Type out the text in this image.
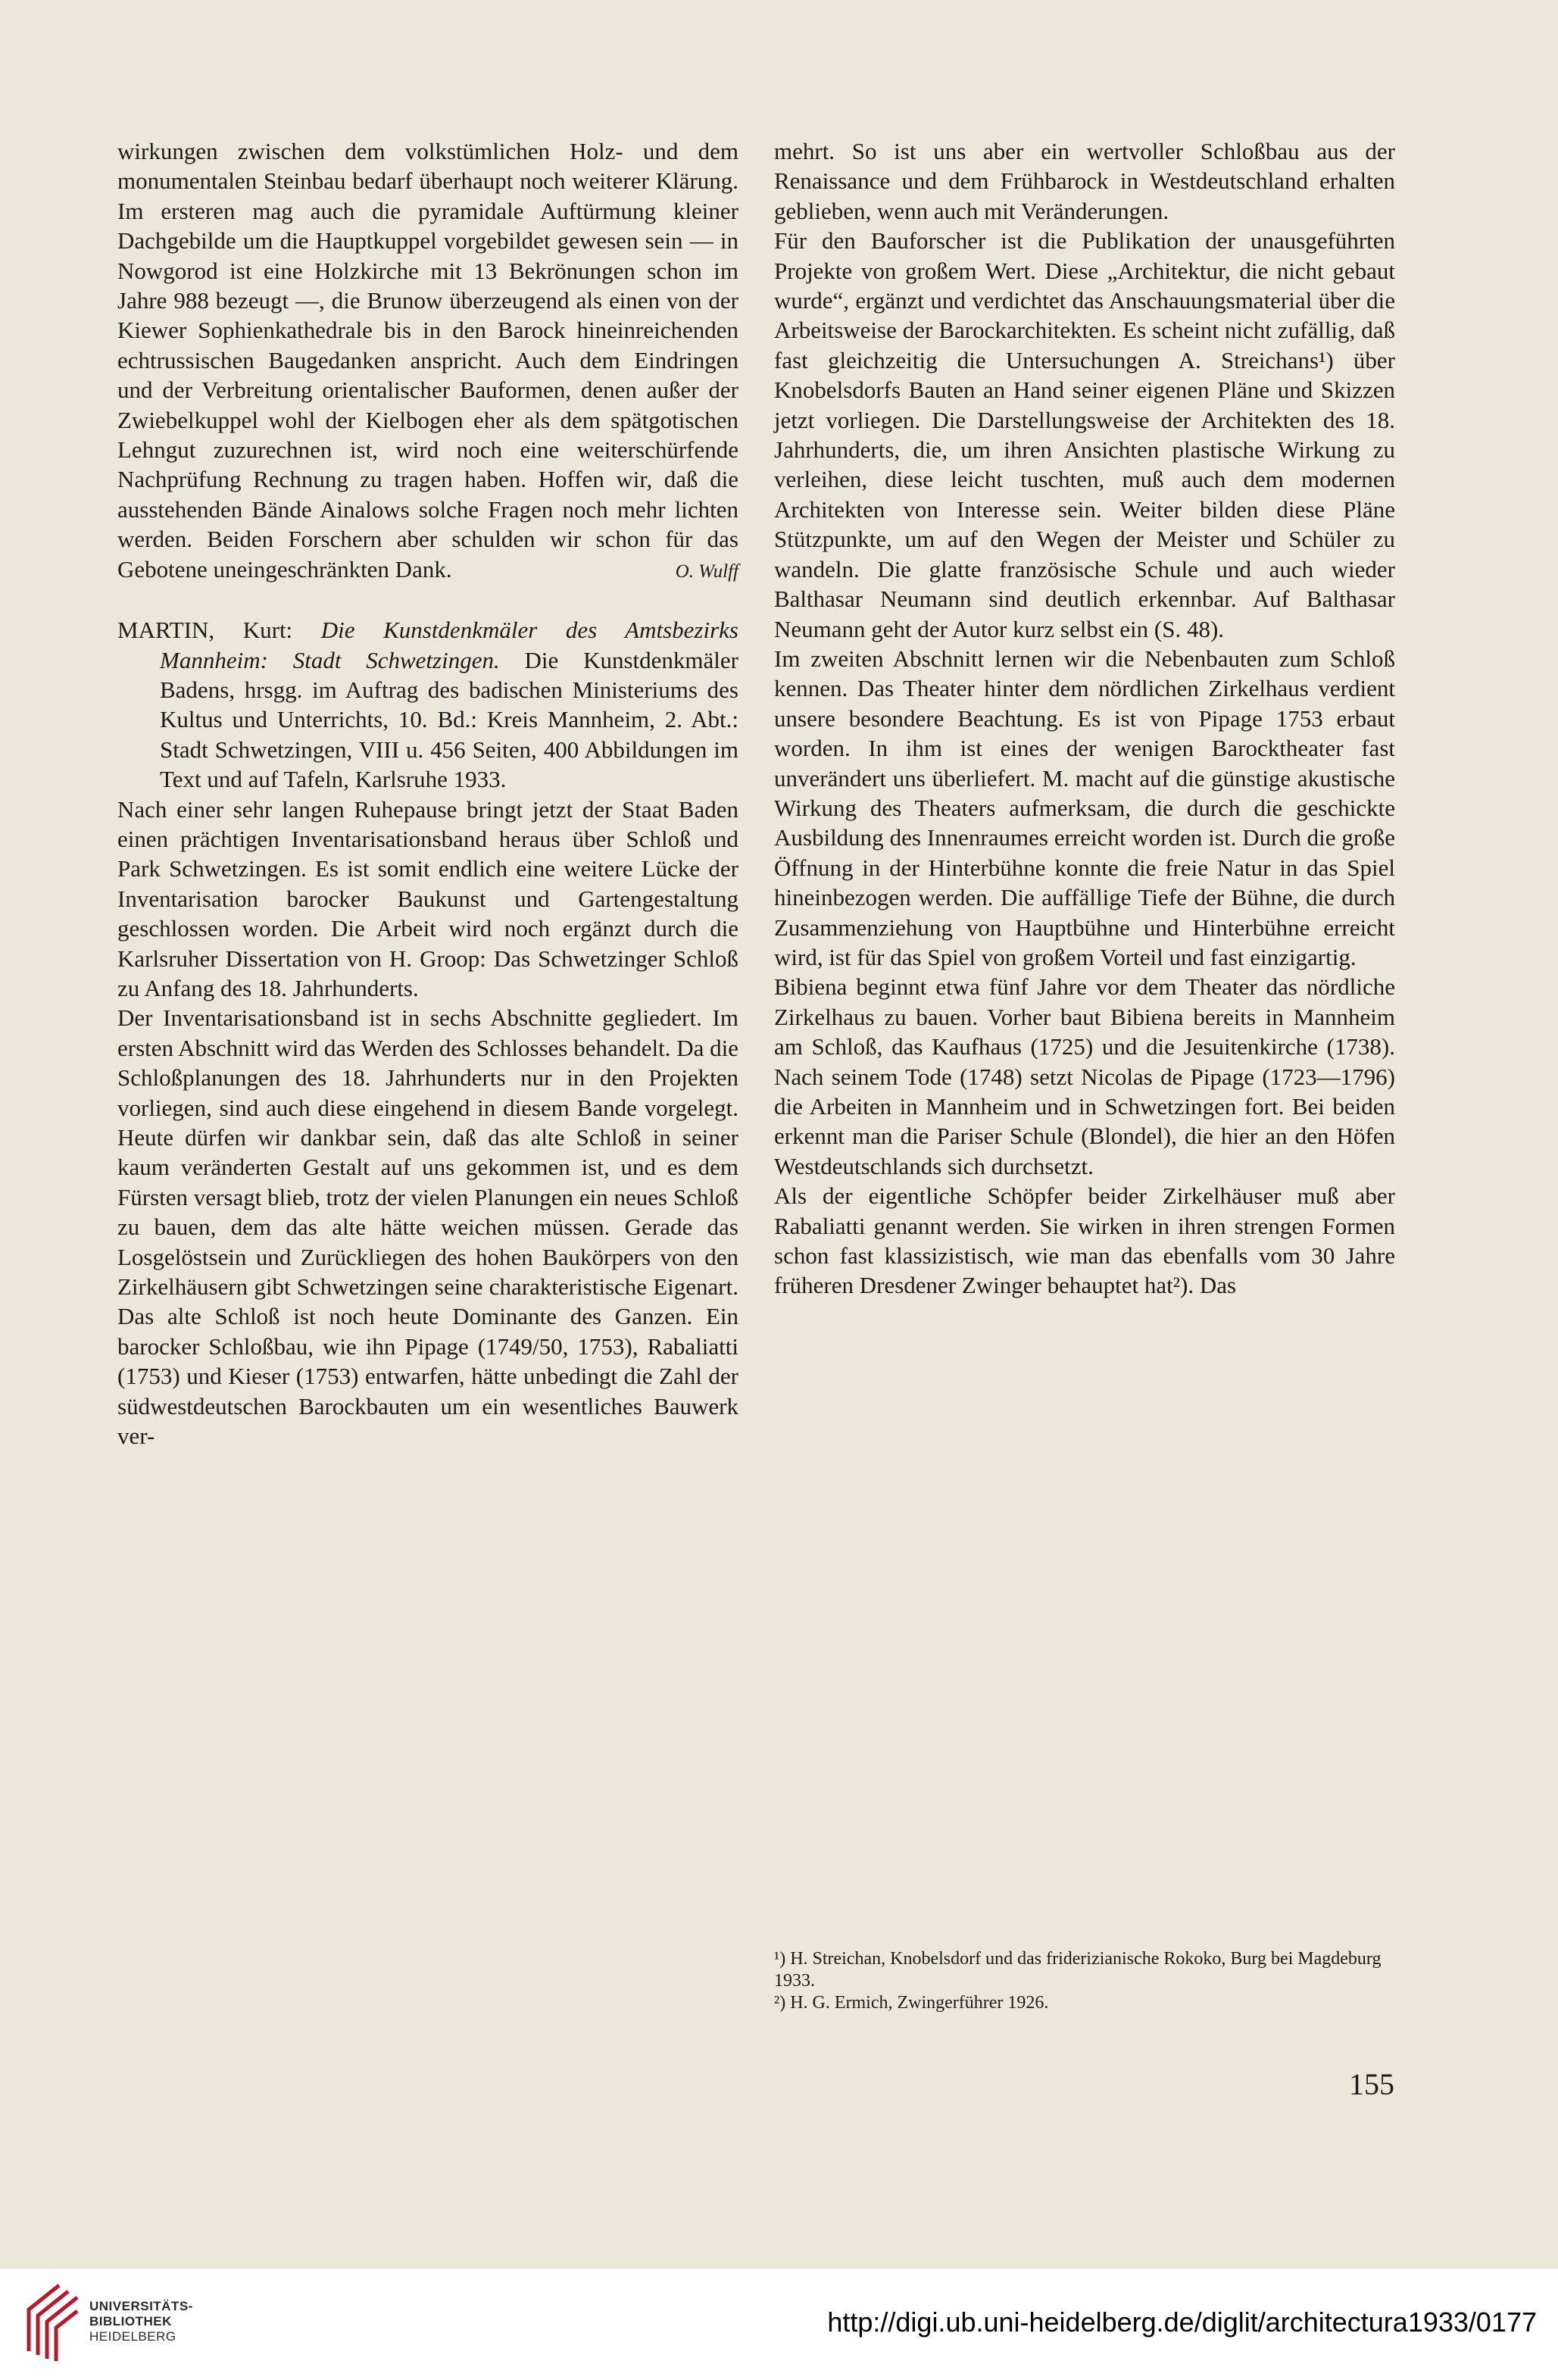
wirkungen zwischen dem volkstümlichen Holz- und dem monumentalen Steinbau bedarf überhaupt noch weiterer Klärung. Im ersteren mag auch die pyramidale Auftürmung kleiner Dachgebilde um die Hauptkuppel vorgebildet gewesen sein — in Nowgorod ist eine Holzkirche mit 13 Bekrönungen schon im Jahre 988 bezeugt —, die Brunow überzeugend als einen von der Kiewer Sophienkathedrale bis in den Barock hineinreichenden echtrussischen Baugedanken anspricht. Auch dem Eindringen und der Verbreitung orientalischer Bauformen, denen außer der Zwiebelkuppel wohl der Kielbogen eher als dem spätgotischen Lehngut zuzurechnen ist, wird noch eine weiterschürfende Nachprüfung Rechnung zu tragen haben. Hoffen wir, daß die ausstehenden Bände Ainalows solche Fragen noch mehr lichten werden. Beiden Forschern aber schulden wir schon für das Gebotene uneingeschränkten Dank.	O. Wulff

MARTIN, Kurt: Die Kunstdenkmäler des Amtsbezirks Mannheim: Stadt Schwetzingen. Die Kunstdenkmäler Badens, hrsgg. im Auftrag des badischen Ministeriums des Kultus und Unterrichts, 10. Bd.: Kreis Mannheim, 2. Abt.: Stadt Schwetzingen, VIII u. 456 Seiten, 400 Abbildungen im Text und auf Tafeln, Karlsruhe 1933.

Nach einer sehr langen Ruhepause bringt jetzt der Staat Baden einen prächtigen Inventarisationsband heraus über Schloß und Park Schwetzingen. Es ist somit endlich eine weitere Lücke der Inventarisation barocker Baukunst und Gartengestaltung geschlossen worden. Die Arbeit wird noch ergänzt durch die Karlsruher Dissertation von H. Groop: Das Schwetzinger Schloß zu Anfang des 18. Jahrhunderts.

Der Inventarisationsband ist in sechs Abschnitte gegliedert. Im ersten Abschnitt wird das Werden des Schlosses behandelt. Da die Schloßplanungen des 18. Jahrhunderts nur in den Projekten vorliegen, sind auch diese eingehend in diesem Bande vorgelegt. Heute dürfen wir dankbar sein, daß das alte Schloß in seiner kaum veränderten Gestalt auf uns gekommen ist, und es dem Fürsten versagt blieb, trotz der vielen Planungen ein neues Schloß zu bauen, dem das alte hätte weichen müssen. Gerade das Losgelöstsein und Zurückliegen des hohen Baukörpers von den Zirkelhäusern gibt Schwetzingen seine charakteristische Eigenart. Das alte Schloß ist noch heute Dominante des Ganzen. Ein barocker Schloßbau, wie ihn Pipage (1749/50, 1753), Rabaliatti (1753) und Kieser (1753) entwarfen, hätte unbedingt die Zahl der südwestdeutschen Barockbauten um ein wesentliches Bauwerk ver-

mehrt. So ist uns aber ein wertvoller Schloßbau aus der Renaissance und dem Frühbarock in Westdeutschland erhalten geblieben, wenn auch mit Veränderungen.

Für den Bauforscher ist die Publikation der unausgeführten Projekte von großem Wert. Diese „Architektur, die nicht gebaut wurde“, ergänzt und verdichtet das Anschauungsmaterial über die Arbeitsweise der Barockarchitekten. Es scheint nicht zufällig, daß fast gleichzeitig die Untersuchungen A. Streichans¹) über Knobelsdorfs Bauten an Hand seiner eigenen Pläne und Skizzen jetzt vorliegen. Die Darstellungsweise der Architekten des 18. Jahrhunderts, die, um ihren Ansichten plastische Wirkung zu verleihen, diese leicht tuschten, muß auch dem modernen Architekten von Interesse sein. Weiter bilden diese Pläne Stützpunkte, um auf den Wegen der Meister und Schüler zu wandeln. Die glatte französische Schule und auch wieder Balthasar Neumann sind deutlich erkennbar. Auf Balthasar Neumann geht der Autor kurz selbst ein (S. 48).

Im zweiten Abschnitt lernen wir die Nebenbauten zum Schloß kennen. Das Theater hinter dem nördlichen Zirkelhaus verdient unsere besondere Beachtung. Es ist von Pipage 1753 erbaut worden. In ihm ist eines der wenigen Barocktheater fast unverändert uns überliefert. M. macht auf die günstige akustische Wirkung des Theaters aufmerksam, die durch die geschickte Ausbildung des Innenraumes erreicht worden ist. Durch die große Öffnung in der Hinterbühne konnte die freie Natur in das Spiel hineinbezogen werden. Die auffällige Tiefe der Bühne, die durch Zusammenziehung von Hauptbühne und Hinterbühne erreicht wird, ist für das Spiel von großem Vorteil und fast einzigartig.

Bibiena beginnt etwa fünf Jahre vor dem Theater das nördliche Zirkelhaus zu bauen. Vorher baut Bibiena bereits in Mannheim am Schloß, das Kaufhaus (1725) und die Jesuitenkirche (1738). Nach seinem Tode (1748) setzt Nicolas de Pipage (1723—1796) die Arbeiten in Mannheim und in Schwetzingen fort. Bei beiden erkennt man die Pariser Schule (Blondel), die hier an den Höfen Westdeutschlands sich durchsetzt.

Als der eigentliche Schöpfer beider Zirkelhäuser muß aber Rabaliatti genannt werden. Sie wirken in ihren strengen Formen schon fast klassizistisch, wie man das ebenfalls vom 30 Jahre früheren Dresdener Zwinger behauptet hat²). Das

¹) H. Streichan, Knobelsdorf und das friderizianische Rokoko, Burg bei Magdeburg 1933.

²) H. G. Ermich, Zwingerführer 1926.

155
UNIVERSITÄTS-
BIBLIOTHEK
HEIDELBERG	http://digi.ub.uni-heidelberg.de/diglit/architectura1933/0177
